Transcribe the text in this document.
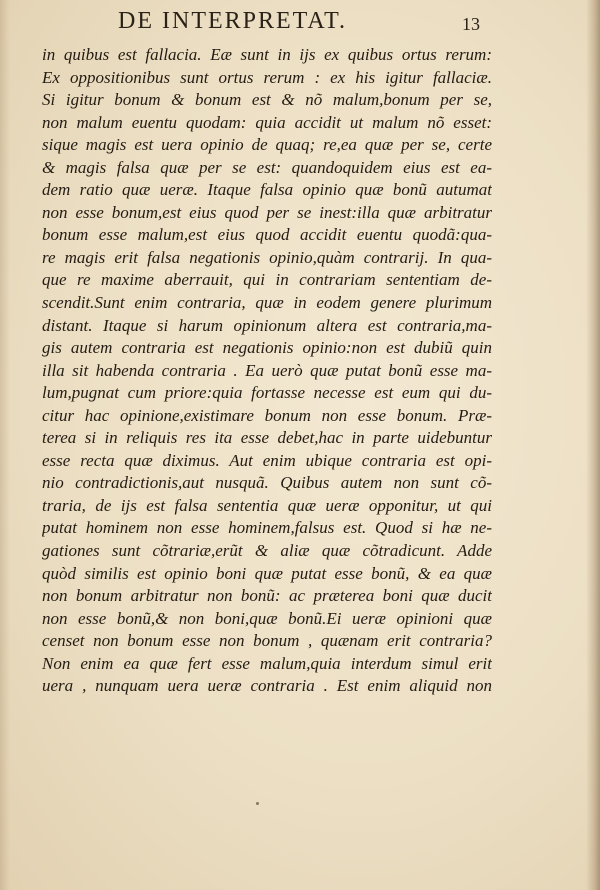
DE INTERPRETAT.	13
in quibus est fallacia. Eæ sunt in ijs ex quibus ortus rerum:
Ex oppositionibus sunt ortus rerum : ex his igitur fallaciæ.
Si igitur bonum & bonum est & nõ malum,bonum per se,
non malum euentu quodam: quia accidit ut malum nõ esset:
sique magis est uera opinio de quaq; re,ea quæ per se, certe
& magis falsa quæ per se est: quandoquidem eius est ea-
dem ratio quæ ueræ. Itaque falsa opinio quæ bonũ autumat
non esse bonum,est eius quod per se inest:illa quæ arbitratur
bonum esse malum,est eius quod accidit euentu quodã:qua-
re magis erit falsa negationis opinio,quàm contrarij. In qua-
que re maxime aberrauit, qui in contrariam sententiam de-
scendit.Sunt enim contraria, quæ in eodem genere plurimum
distant. Itaque si harum opinionum altera est contraria,ma-
gis autem contraria est negationis opinio:non est dubiũ quin
illa sit habenda contraria . Ea uerò quæ putat bonũ esse ma-
lum,pugnat cum priore:quia fortasse necesse est eum qui du-
citur hac opinione,existimare bonum non esse bonum. Præ-
terea si in reliquis res ita esse debet,hac in parte uidebuntur
esse recta quæ diximus. Aut enim ubique contraria est opi-
nio contradictionis,aut nusquã. Quibus autem non sunt cõ-
traria, de ijs est falsa sententia quæ ueræ opponitur, ut qui
putat hominem non esse hominem,falsus est. Quod si hæ ne-
gationes sunt cõtrariæ,erũt & aliæ quæ cõtradicunt. Adde
quòd similis est opinio boni quæ putat esse bonũ, & ea quæ
non bonum arbitratur non bonũ: ac præterea boni quæ ducit
non esse bonũ,& non boni,quæ bonũ.Ei ueræ opinioni quæ
censet non bonum esse non bonum , quænam erit contraria?
Non enim ea quæ fert esse malum,quia interdum simul erit
uera , nunquam uera ueræ contraria . Est enim aliquid non
